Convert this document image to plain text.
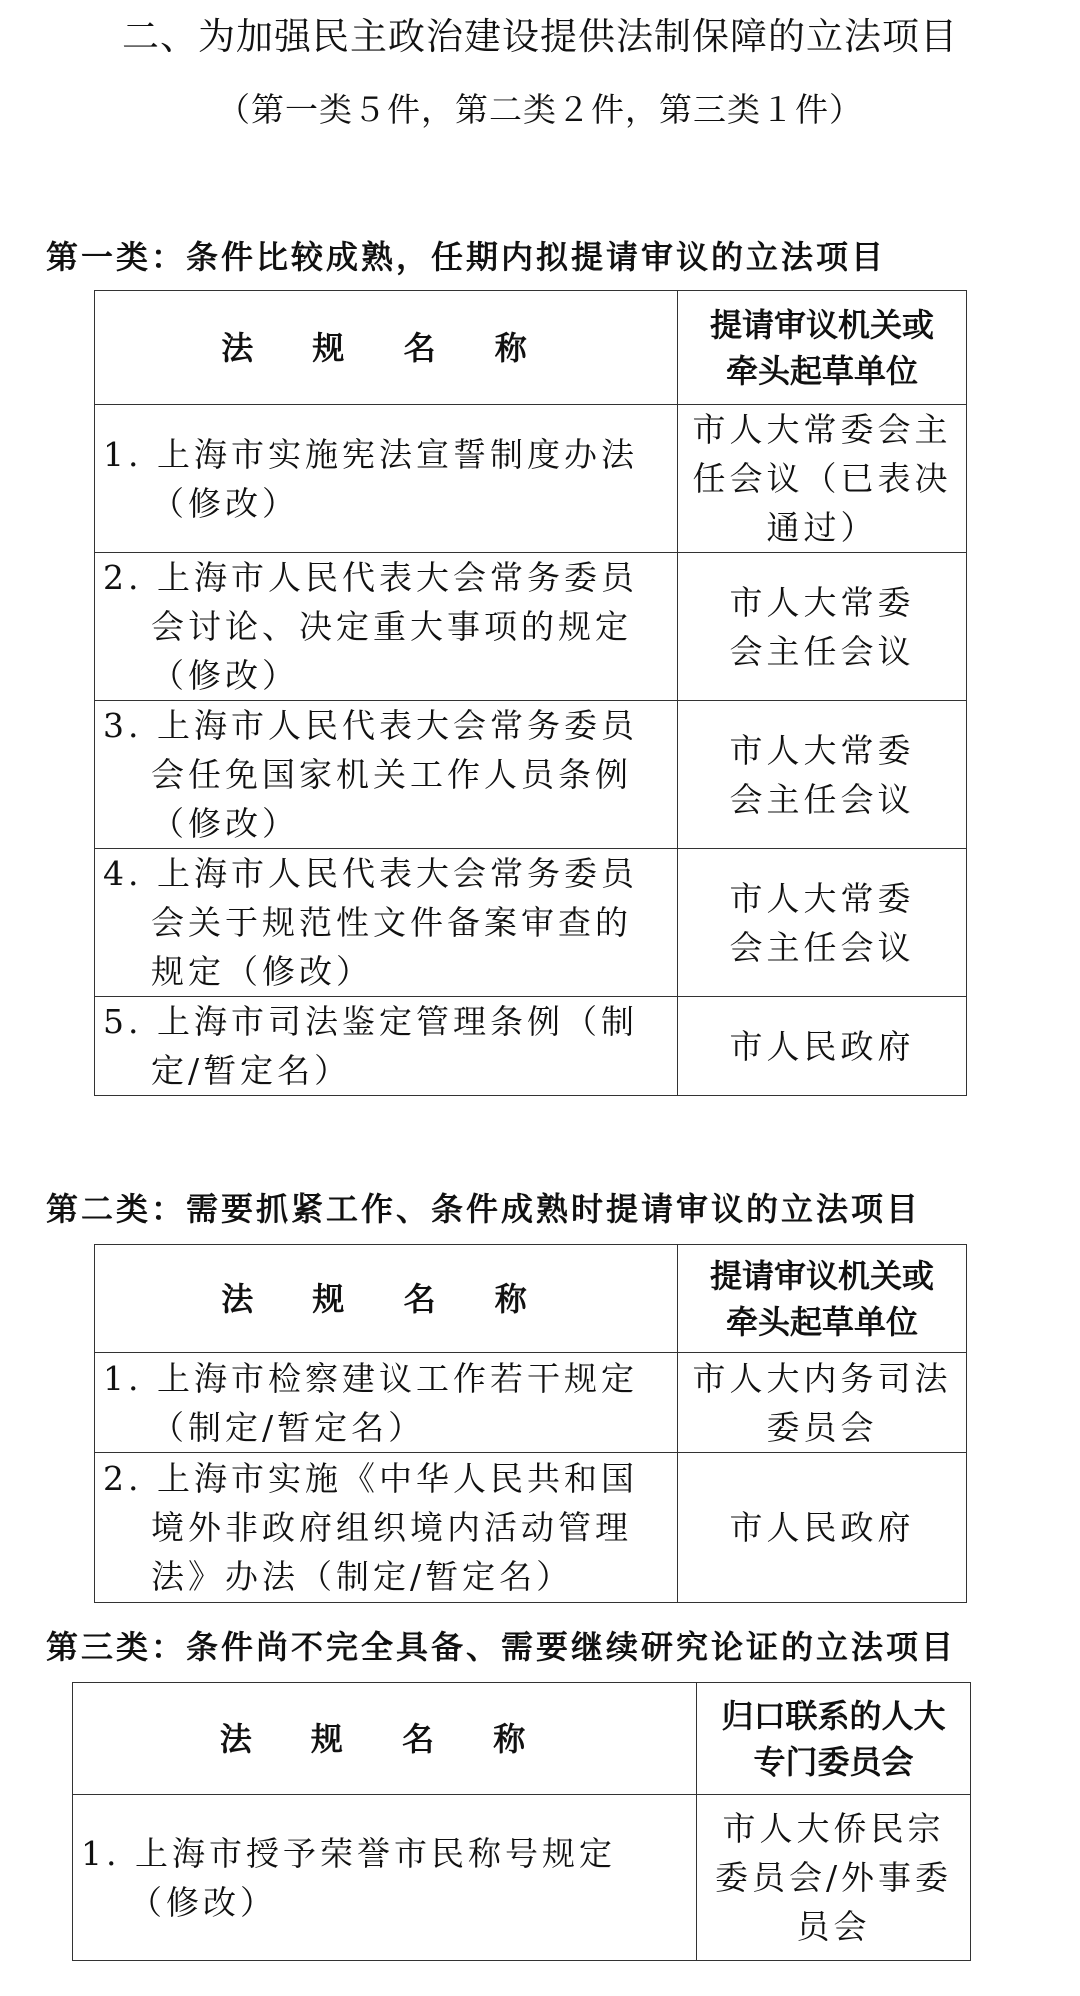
二、为加强民主政治建设提供法制保障的立法项目
（第一类５件，第二类２件，第三类１件）
第一类：条件比较成熟，任期内拟提请审议的立法项目
法 规 名 称	提请审议机关或牵头起草单位
1. 上海市实施宪法宣誓制度办法（修改）	市人大常委会主任会议（已表决通过）
2. 上海市人民代表大会常务委员会讨论、决定重大事项的规定（修改）	市人大常委会主任会议
3. 上海市人民代表大会常务委员会任免国家机关工作人员条例（修改）	市人大常委会主任会议
4. 上海市人民代表大会常务委员会关于规范性文件备案审查的规定（修改）	市人大常委会主任会议
5. 上海市司法鉴定管理条例（制定/暂定名）	市人民政府
第二类：需要抓紧工作、条件成熟时提请审议的立法项目
法 规 名 称	提请审议机关或牵头起草单位
1. 上海市检察建议工作若干规定（制定/暂定名）	市人大内务司法委员会
2. 上海市实施《中华人民共和国境外非政府组织境内活动管理法》办法（制定/暂定名）	市人民政府
第三类：条件尚不完全具备、需要继续研究论证的立法项目
法 规 名 称	归口联系的人大专门委员会
1. 上海市授予荣誉市民称号规定（修改）	市人大侨民宗委员会/外事委员会
